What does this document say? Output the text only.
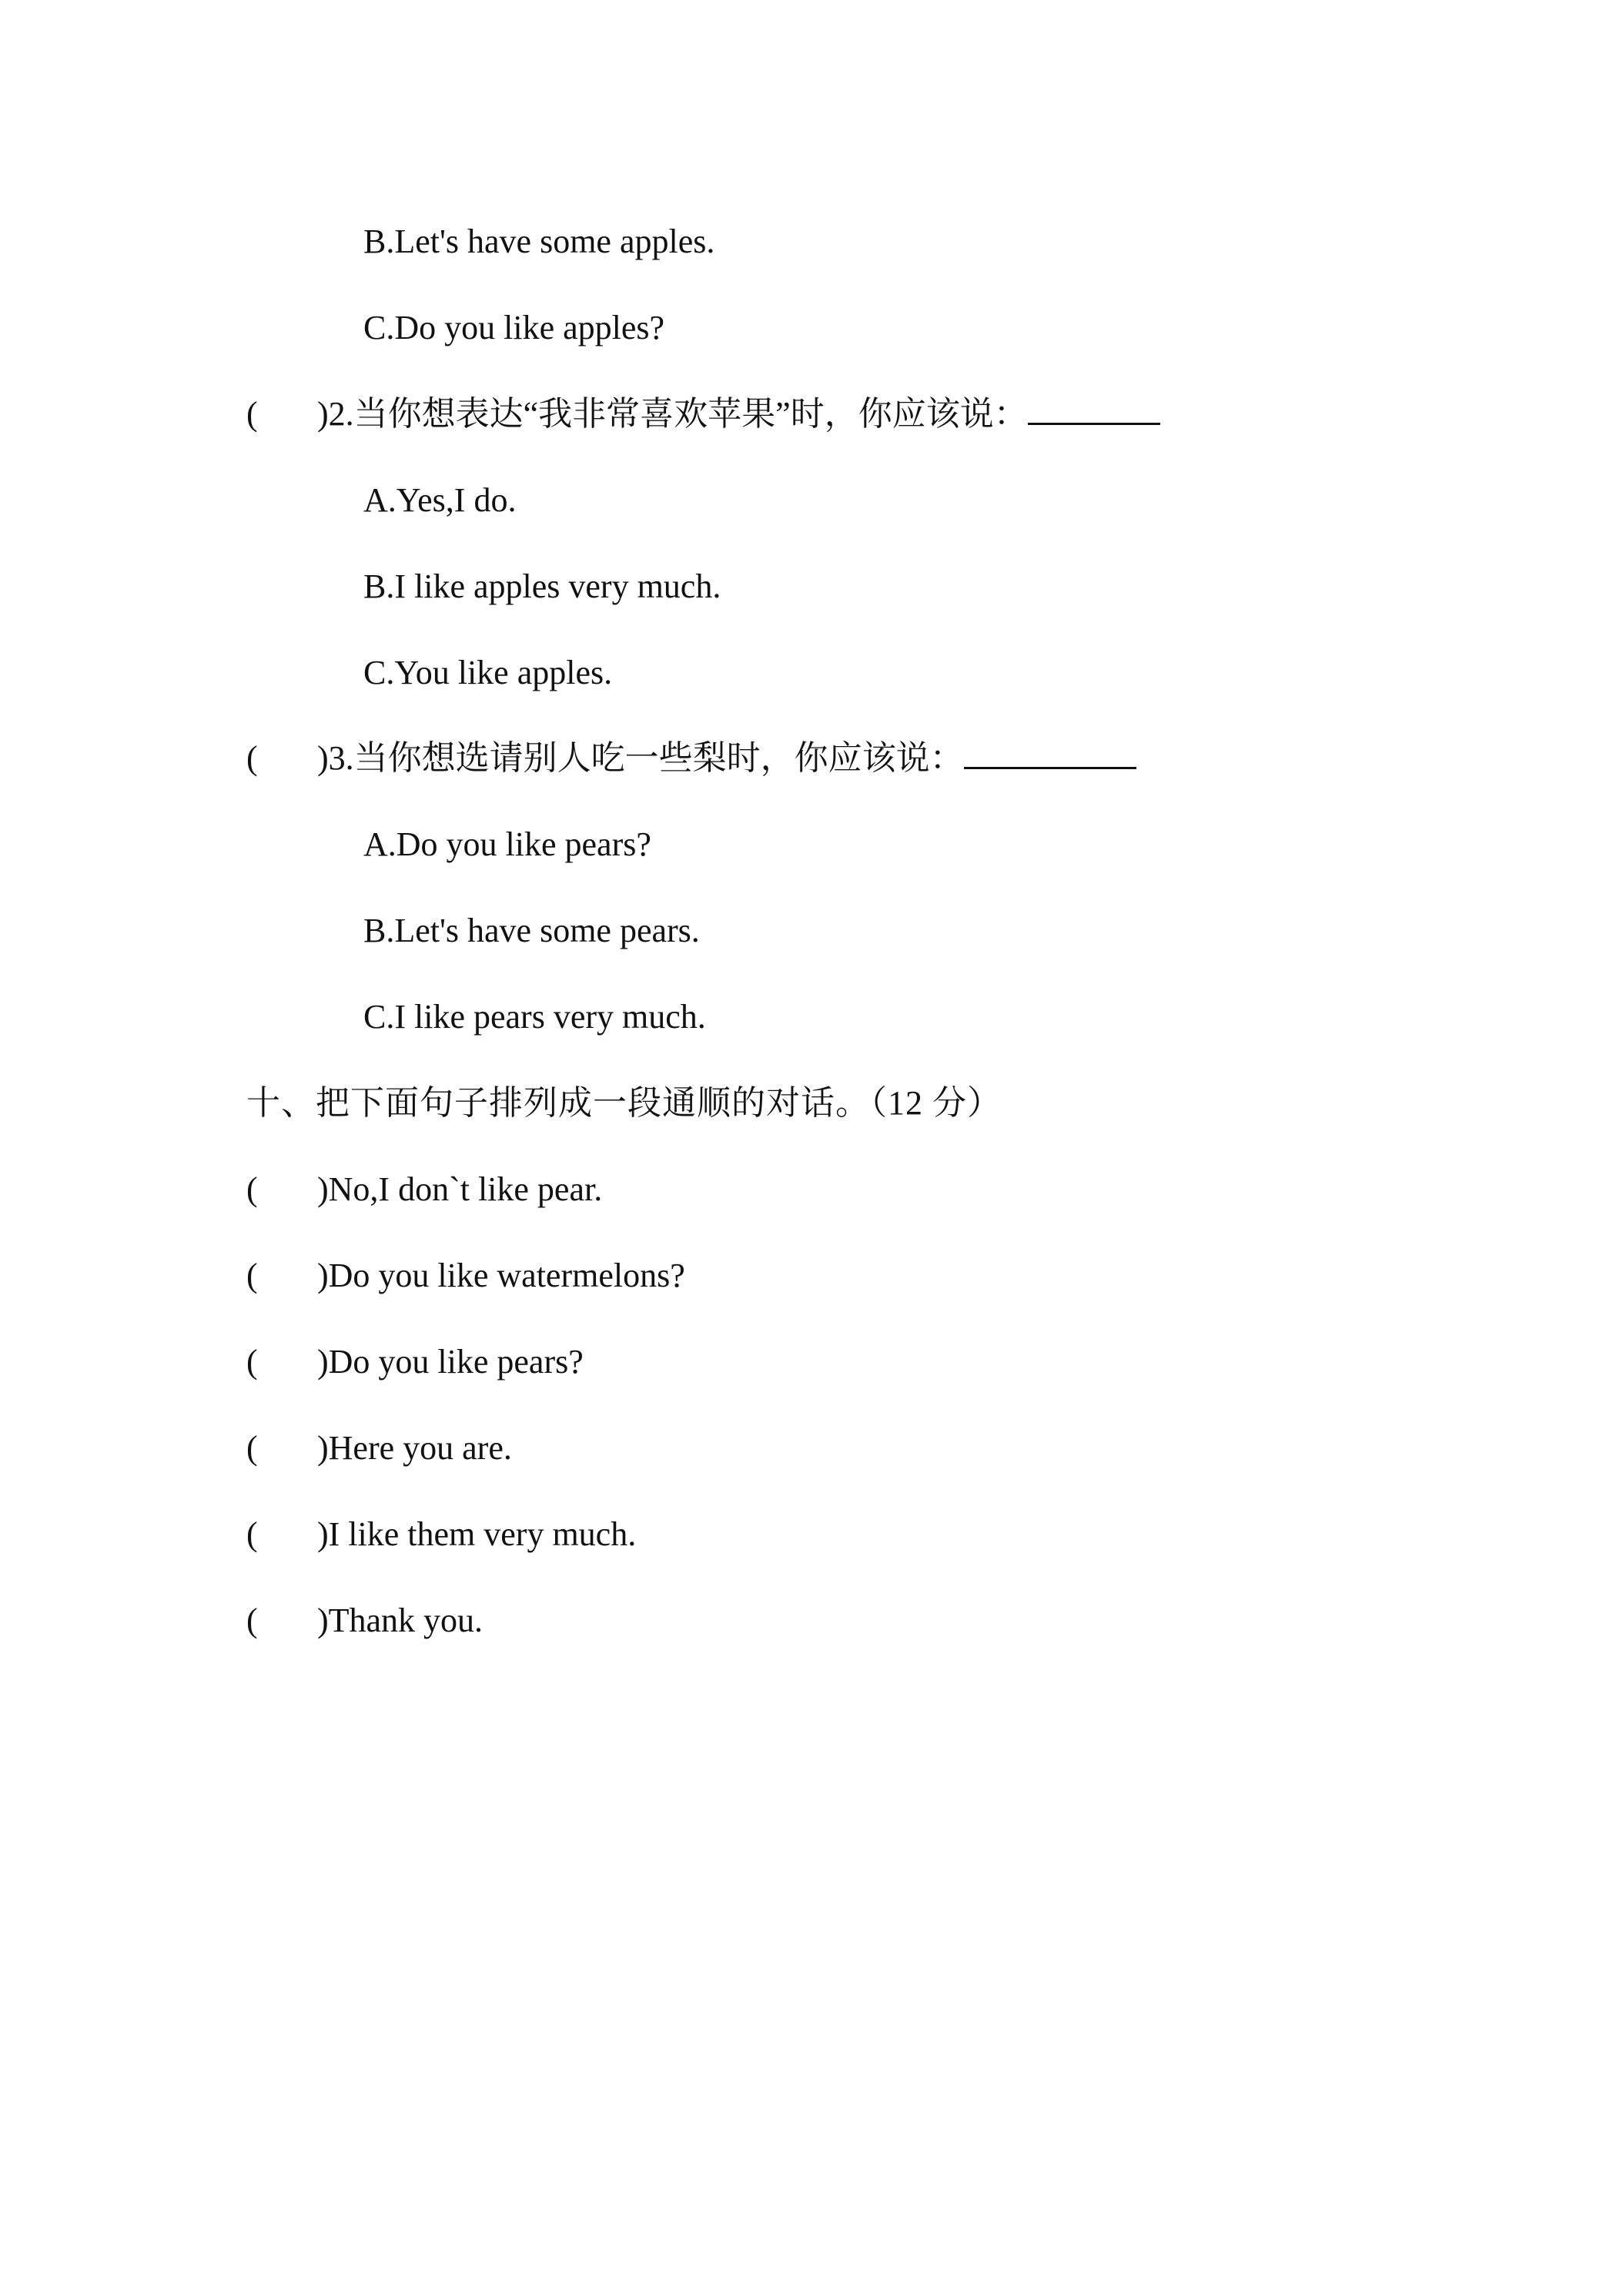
B.Let's have some apples.
C.Do you like apples?
( )2.当你想表达“我非常喜欢苹果”时，你应该说：
A.Yes,I do.
B.I like apples very much.
C.You like apples.
( )3.当你想选请别人吃一些梨时，你应该说：
A.Do you like pears?
B.Let's have some pears.
C.I like pears very much.
十、把下面句子排列成一段通顺的对话。（12 分）
( )No,I don`t like pear.
( )Do you like watermelons?
( )Do you like pears?
( )Here you are.
( )I like them very much.
( )Thank you.
